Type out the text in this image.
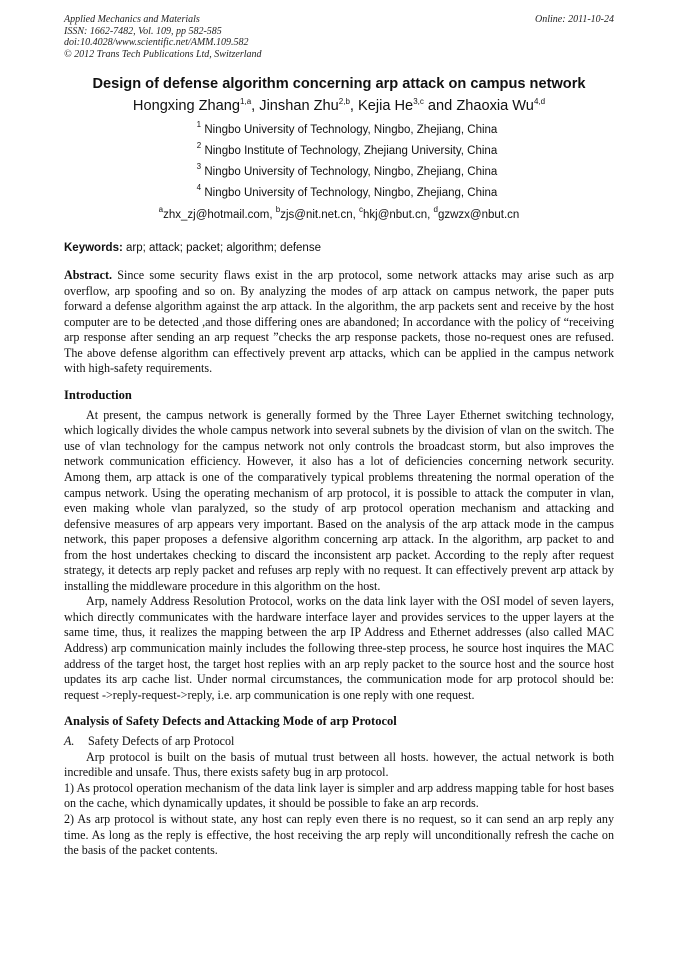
Applied Mechanics and Materials
ISSN: 1662-7482, Vol. 109, pp 582-585
doi:10.4028/www.scientific.net/AMM.109.582
© 2012 Trans Tech Publications Ltd, Switzerland
Online: 2011-10-24
Design of defense algorithm concerning arp attack on campus network
Hongxing Zhang$^{1,a}$, Jinshan Zhu$^{2,b}$, Kejia He$^{3,c}$ and Zhaoxia Wu$^{4,d}$
$^1$ Ningbo University of Technology, Ningbo, Zhejiang, China
$^2$ Ningbo Institute of Technology, Zhejiang University, China
$^3$ Ningbo University of Technology, Ningbo, Zhejiang, China
$^4$ Ningbo University of Technology, Ningbo, Zhejiang, China
$^a$zhx_zj@hotmail.com, $^b$zjs@nit.net.cn, $^c$hkj@nbut.cn, $^d$gzwzx@nbut.cn
Keywords: arp; attack; packet; algorithm; defense

Abstract. Since some security flaws exist in the arp protocol, some network attacks may arise such as arp overflow, arp spoofing and so on. By analyzing the modes of arp attack on campus network, the paper puts forward a defense algorithm against the arp attack. In the algorithm, the arp packets sent and receive by the host computer are to be detected ,and those differing ones are abandoned; In accordance with the policy of “receiving arp response after sending an arp request ”checks the arp response packets, those no-request ones are refused. The above defense algorithm can effectively prevent arp attacks, which can be applied in the campus network with high-safety requirements.

Introduction

At present, the campus network is generally formed by the Three Layer Ethernet switching technology, which logically divides the whole campus network into several subnets by the division of vlan on the switch. The use of vlan technology for the campus network not only controls the broadcast storm, but also improves the network communication efficiency. However, it also has a lot of deficiencies concerning network security. Among them, arp attack is one of the comparatively typical problems threatening the normal operation of the campus network. Using the operating mechanism of arp protocol, it is possible to attack the computer in vlan, even making whole vlan paralyzed, so the study of arp protocol operation mechanism and attacking and defensive measures of arp appears very important. Based on the analysis of the arp attack mode in the campus network, this paper proposes a defensive algorithm concerning arp attack. In the algorithm, arp packet to and from the host undertakes checking to discard the inconsistent arp packet. According to the reply after request strategy, it detects arp reply packet and refuses arp reply with no request. It can effectively prevent arp attack by installing the middleware procedure in this algorithm on the host.

Arp, namely Address Resolution Protocol, works on the data link layer with the OSI model of seven layers, which directly communicates with the hardware interface layer and provides services to the upper layers at the same time, thus, it realizes the mapping between the arp IP Address and Ethernet addresses (also called MAC Address) arp communication mainly includes the following three-step process, he source host inquires the MAC address of the target host, the target host replies with an arp reply packet to the source host and the source host updates its arp cache list. Under normal circumstances, the communication mode for arp protocol should be: request ->reply-request->reply, i.e. arp communication is one reply with one request.

Analysis of Safety Defects and Attacking Mode of arp Protocol
A. Safety Defects of arp Protocol

Arp protocol is built on the basis of mutual trust between all hosts. however, the actual network is both incredible and unsafe. Thus, there exists safety bug in arp protocol.

1) As protocol operation mechanism of the data link layer is simpler and arp address mapping table for host bases on the cache, which dynamically updates, it should be possible to fake an arp records.

2) As arp protocol is without state, any host can reply even there is no request, so it can send an arp reply any time. As long as the reply is effective, the host receiving the arp reply will unconditionally refresh the cache on the basis of the packet contents.
